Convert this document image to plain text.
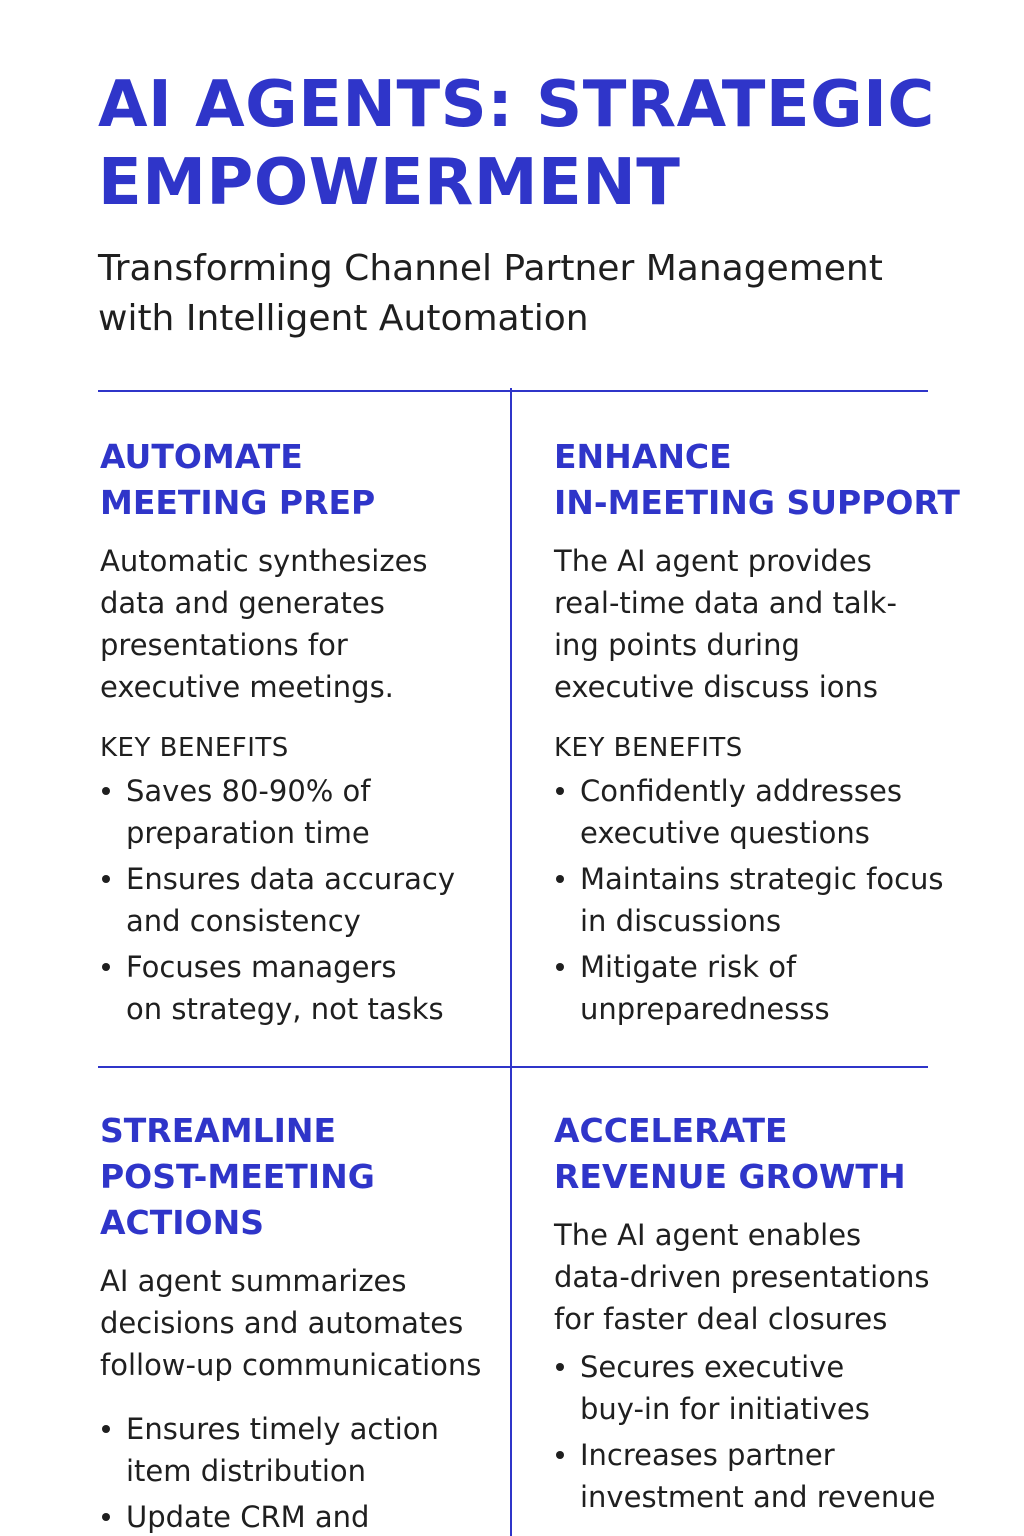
AI AGENTS: STRATEGIC
EMPOWERMENT
Transforming Channel Partner Management
with Intelligent Automation
AUTOMATE
MEETING PREP

Automatic synthesizes
data and generates
presentations for
executive meetings.

KEY BENEFITS
Saves 80-90% of
preparation time
Ensures data accuracy
and consistency
Focuses managers
on strategy, not tasks
ENHANCE
IN-MEETING SUPPORT

The AI agent provides
real-time data and talk-
ing points during
executive discuss ions

KEY BENEFITS
Confidently addresses
executive questions
Maintains strategic focus
in discussions
Mitigate risk of
unpreparednesss
STREAMLINE
POST-MEETING
ACTIONS

AI agent summarizes
decisions and automates
follow-up communications

Ensures timely action
item distribution
Update CRM and
ACCELERATE
REVENUE GROWTH

The AI agent enables
data-driven presentations
for faster deal closures

Secures executive
buy-in for initiatives
Increases partner
investment and revenue
